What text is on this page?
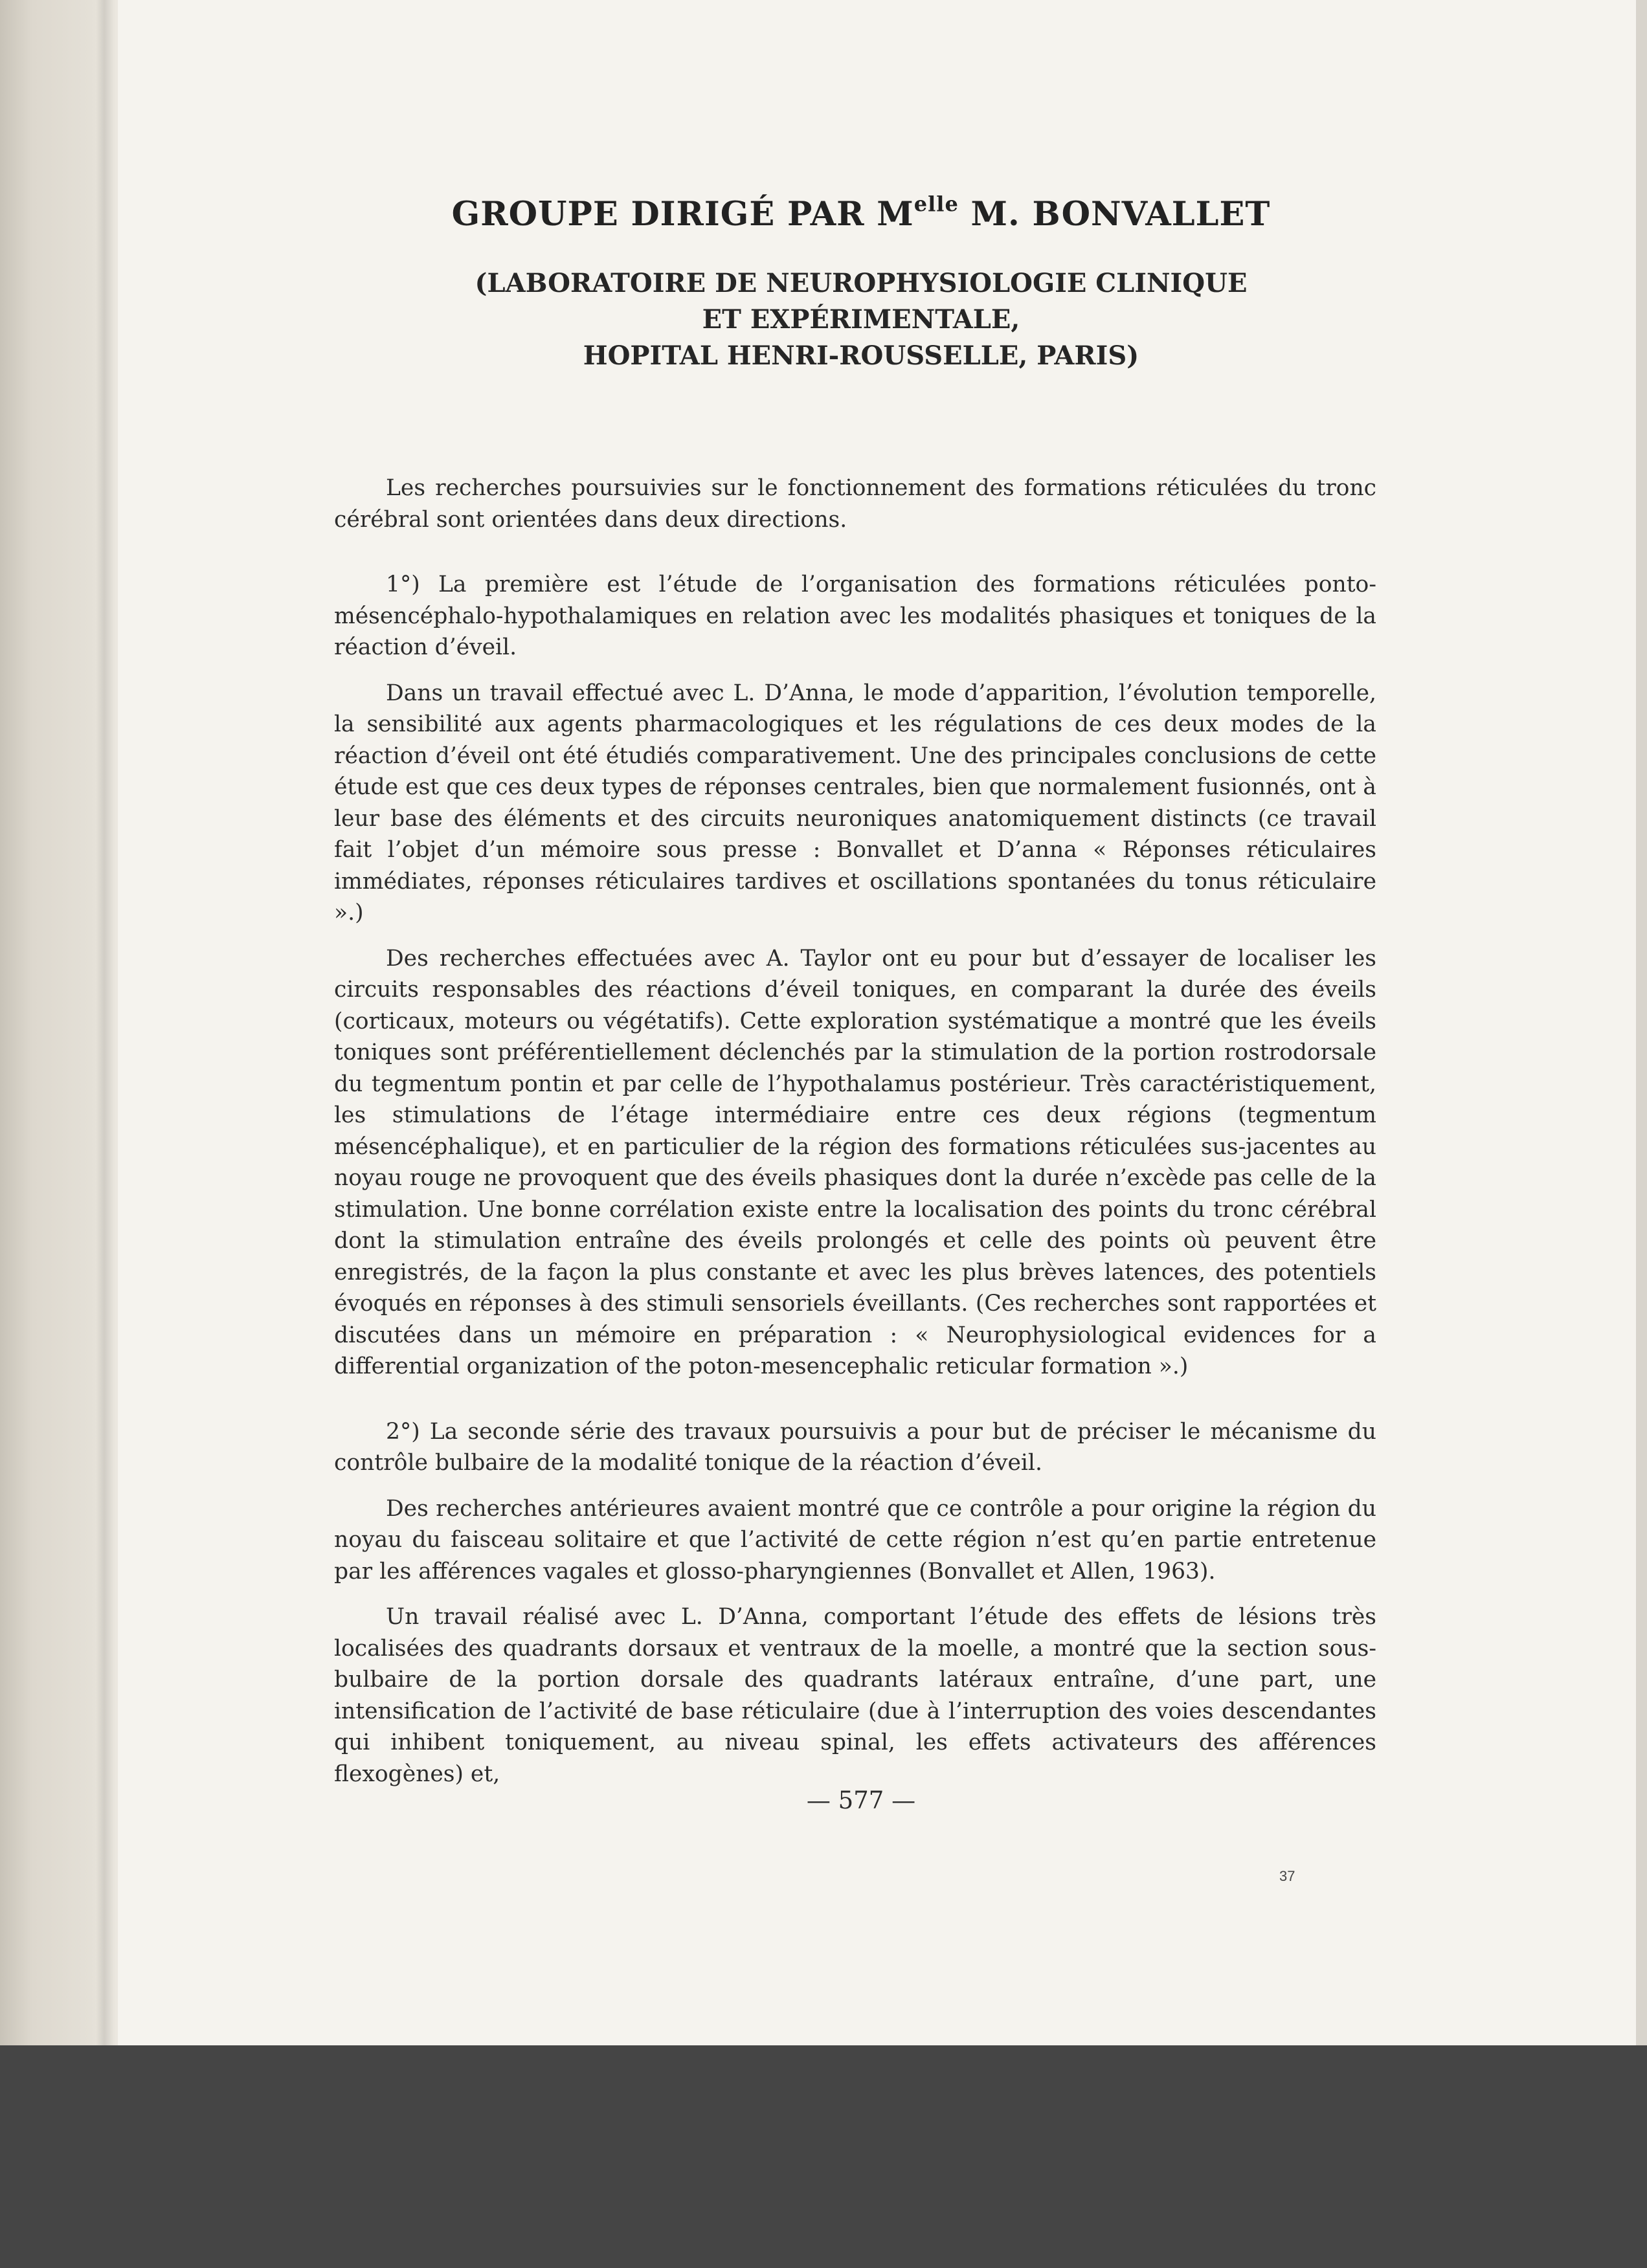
GROUPE DIRIGÉ PAR $M^{elle}$ M. BONVALLET
(LABORATOIRE DE NEUROPHYSIOLOGIE CLINIQUE
ET EXPÉRIMENTALE,
HOPITAL HENRI-ROUSSELLE, PARIS)

Les recherches poursuivies sur le fonctionnement des formations réticulées du tronc cérébral sont orientées dans deux directions.

1°) La première est l’étude de l’organisation des formations réticulées ponto-mésencéphalo-hypothalamiques en relation avec les modalités phasiques et toniques de la réaction d’éveil.

Dans un travail effectué avec L. D’Anna, le mode d’apparition, l’évolution temporelle, la sensibilité aux agents pharmacologiques et les régulations de ces deux modes de la réaction d’éveil ont été étudiés comparativement. Une des principales conclusions de cette étude est que ces deux types de réponses centrales, bien que normalement fusionnés, ont à leur base des éléments et des circuits neuroniques anatomiquement distincts (ce travail fait l’objet d’un mémoire sous presse : Bonvallet et D’anna « Réponses réticulaires immédiates, réponses réticulaires tardives et oscillations spontanées du tonus réticulaire ».)

Des recherches effectuées avec A. Taylor ont eu pour but d’essayer de localiser les circuits responsables des réactions d’éveil toniques, en comparant la durée des éveils (corticaux, moteurs ou végétatifs). Cette exploration systématique a montré que les éveils toniques sont préférentiellement déclenchés par la stimulation de la portion rostrodorsale du tegmentum pontin et par celle de l’hypothalamus postérieur. Très caractéristiquement, les stimulations de l’étage intermédiaire entre ces deux régions (tegmentum mésencéphalique), et en particulier de la région des formations réticulées sus-jacentes au noyau rouge ne provoquent que des éveils phasiques dont la durée n’excède pas celle de la stimulation. Une bonne corrélation existe entre la localisation des points du tronc cérébral dont la stimulation entraîne des éveils prolongés et celle des points où peuvent être enregistrés, de la façon la plus constante et avec les plus brèves latences, des potentiels évoqués en réponses à des stimuli sensoriels éveillants. (Ces recherches sont rapportées et discutées dans un mémoire en préparation : « Neurophysiological evidences for a differential organization of the poton-mesencephalic reticular formation ».)

2°) La seconde série des travaux poursuivis a pour but de préciser le mécanisme du contrôle bulbaire de la modalité tonique de la réaction d’éveil.

Des recherches antérieures avaient montré que ce contrôle a pour origine la région du noyau du faisceau solitaire et que l’activité de cette région n’est qu’en partie entretenue par les afférences vagales et glosso-pharyngiennes (Bonvallet et Allen, 1963).

Un travail réalisé avec L. D’Anna, comportant l’étude des effets de lésions très localisées des quadrants dorsaux et ventraux de la moelle, a montré que la section sous-bulbaire de la portion dorsale des quadrants latéraux entraîne, d’une part, une intensification de l’activité de base réticulaire (due à l’interruption des voies descendantes qui inhibent toniquement, au niveau spinal, les effets activateurs des afférences flexogènes) et,

— 577 —
37
